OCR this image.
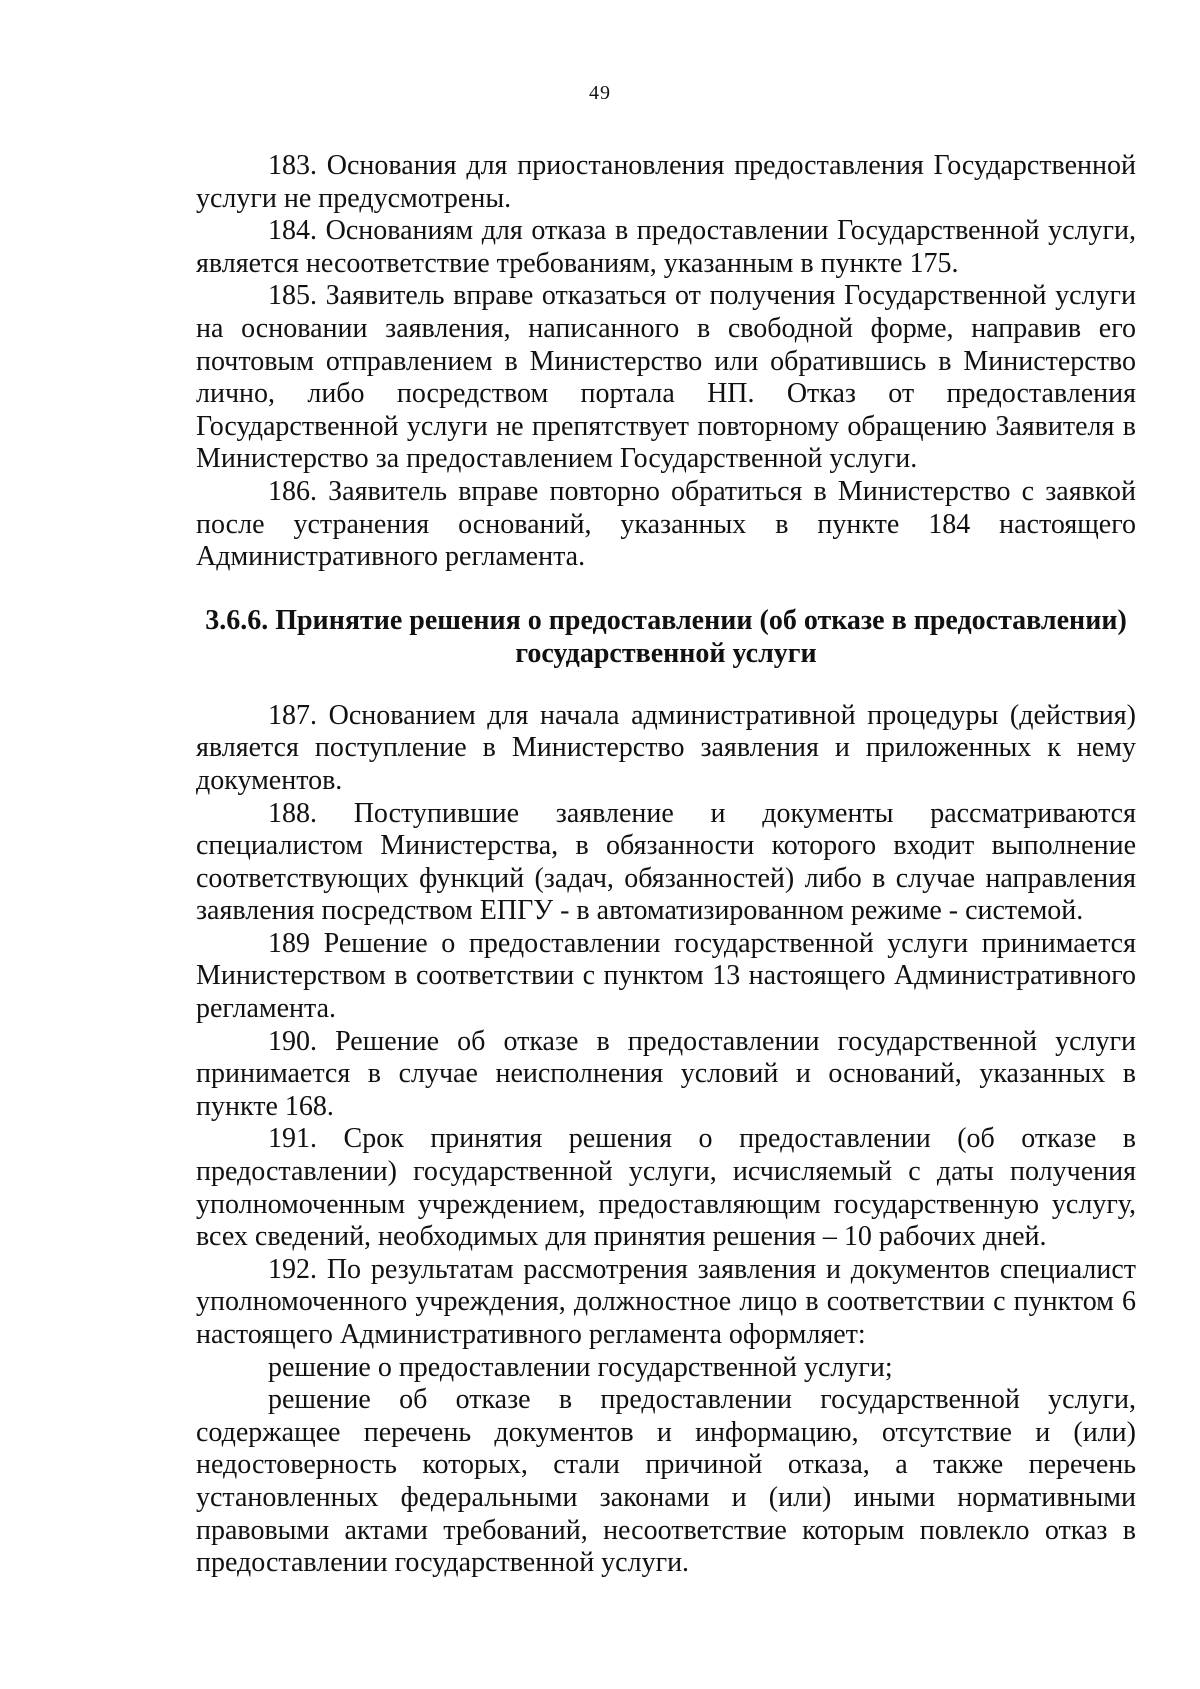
49

183. Основания для приостановления предоставления Государственной услуги не предусмотрены.

184. Основаниям для отказа в предоставлении Государственной услуги, является несоответствие требованиям, указанным в пункте 175.

185. Заявитель вправе отказаться от получения Государственной услуги на основании заявления, написанного в свободной форме, направив его почтовым отправлением в Министерство или обратившись в Министерство лично, либо посредством портала НП. Отказ от предоставления Государственной услуги не препятствует повторному обращению Заявителя в Министерство за предоставлением Государственной услуги.

186. Заявитель вправе повторно обратиться в Министерство с заявкой после устранения оснований, указанных в пункте 184 настоящего Административного регламента.

3.6.6. Принятие решения о предоставлении (об отказе в предоставлении)
государственной услуги

187. Основанием для начала административной процедуры (действия) является поступление в Министерство заявления и приложенных к нему документов.

188. Поступившие заявление и документы рассматриваются специалистом Министерства, в обязанности которого входит выполнение соответствующих функций (задач, обязанностей) либо в случае направления заявления посредством ЕПГУ - в автоматизированном режиме - системой.

189 Решение о предоставлении государственной услуги принимается Министерством в соответствии с пунктом 13 настоящего Административного регламента.

190. Решение об отказе в предоставлении государственной услуги принимается в случае неисполнения условий и оснований, указанных в пункте 168.

191. Срок принятия решения о предоставлении (об отказе в предоставлении) государственной услуги, исчисляемый с даты получения уполномоченным учреждением, предоставляющим государственную услугу, всех сведений, необходимых для принятия решения – 10 рабочих дней.

192. По результатам рассмотрения заявления и документов специалист уполномоченного учреждения, должностное лицо в соответствии с пунктом 6 настоящего Административного регламента оформляет:

решение о предоставлении государственной услуги;

решение об отказе в предоставлении государственной услуги, содержащее перечень документов и информацию, отсутствие и (или) недостоверность которых, стали причиной отказа, а также перечень установленных федеральными законами и (или) иными нормативными правовыми актами требований, несоответствие которым повлекло отказ в предоставлении государственной услуги.
